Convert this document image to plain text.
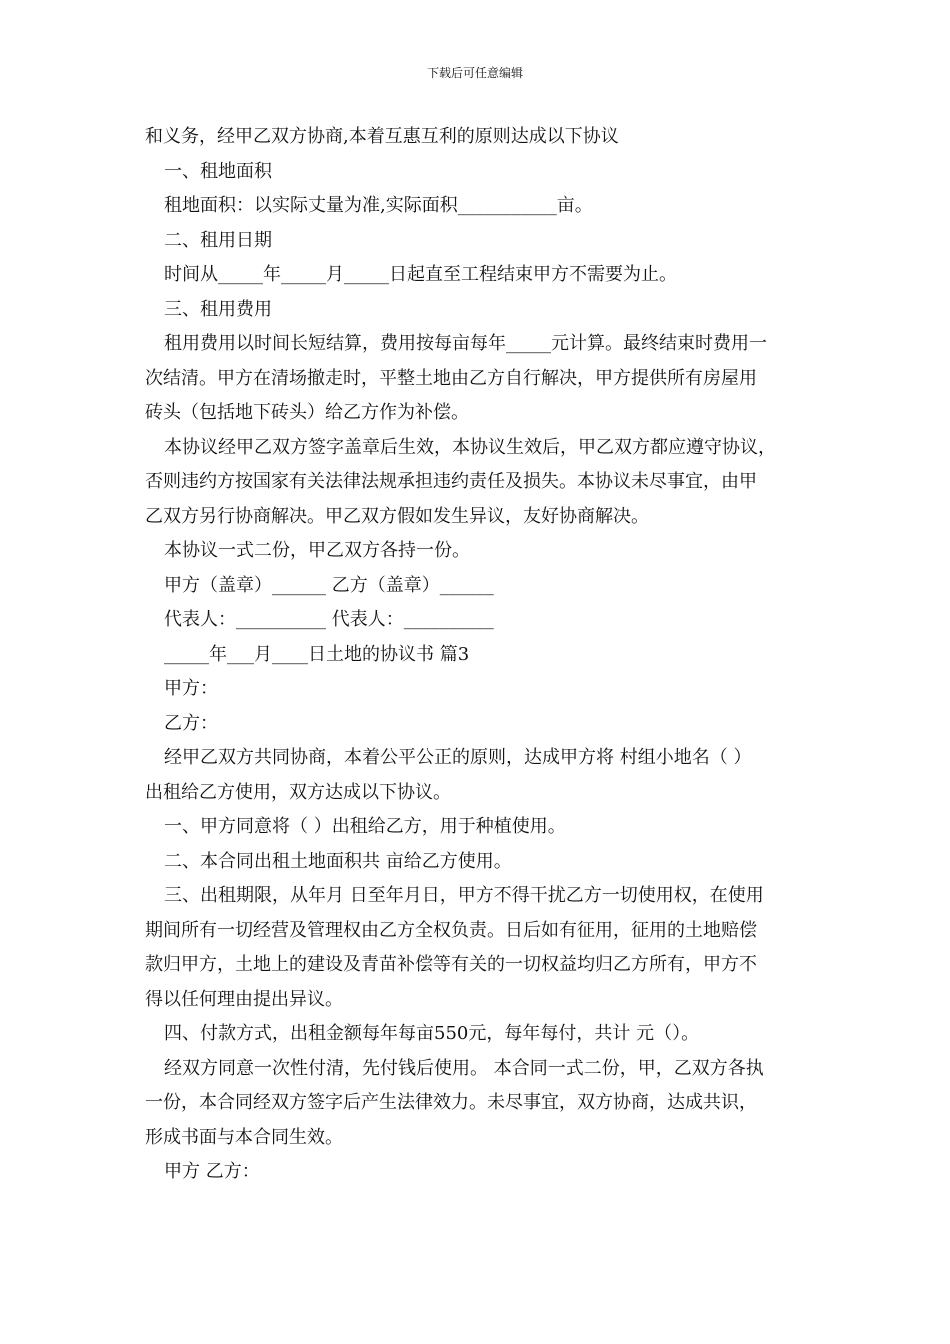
下载后可任意编辑
和义务，经甲乙双方协商,本着互惠互利的原则达成以下协议
一、租地面积
租地面积：以实际丈量为准,实际面积___________亩。
二、租用日期
时间从_____年_____月_____日起直至工程结束甲方不需要为止。
三、租用费用
租用费用以时间长短结算，费用按每亩每年_____元计算。最终结束时费用一
次结清。甲方在清场撤走时，平整土地由乙方自行解决，甲方提供所有房屋用
砖头（包括地下砖头）给乙方作为补偿。
本协议经甲乙双方签字盖章后生效，本协议生效后，甲乙双方都应遵守协议，
否则违约方按国家有关法律法规承担违约责任及损失。本协议未尽事宜，由甲
乙双方另行协商解决。甲乙双方假如发生异议，友好协商解决。
本协议一式二份，甲乙双方各持一份。
甲方（盖章）______ 乙方（盖章）______
代表人：__________ 代表人：__________
_____年___月____日土地的协议书 篇3
甲方：
乙方：
经甲乙双方共同协商，本着公平公正的原则，达成甲方将 村组小地名（ ）
出租给乙方使用，双方达成以下协议。
一、甲方同意将（ ）出租给乙方，用于种植使用。
二、本合同出租土地面积共 亩给乙方使用。
三、出租期限，从年月 日至年月日，甲方不得干扰乙方一切使用权，在使用
期间所有一切经营及管理权由乙方全权负责。日后如有征用，征用的土地赔偿
款归甲方，土地上的建设及青苗补偿等有关的一切权益均归乙方所有，甲方不
得以任何理由提出异议。
四、付款方式，出租金额每年每亩550元，每年每付，共计 元（）。
经双方同意一次性付清，先付钱后使用。 本合同一式二份，甲，乙双方各执
一份，本合同经双方签字后产生法律效力。未尽事宜，双方协商，达成共识，
形成书面与本合同生效。
甲方 乙方：
